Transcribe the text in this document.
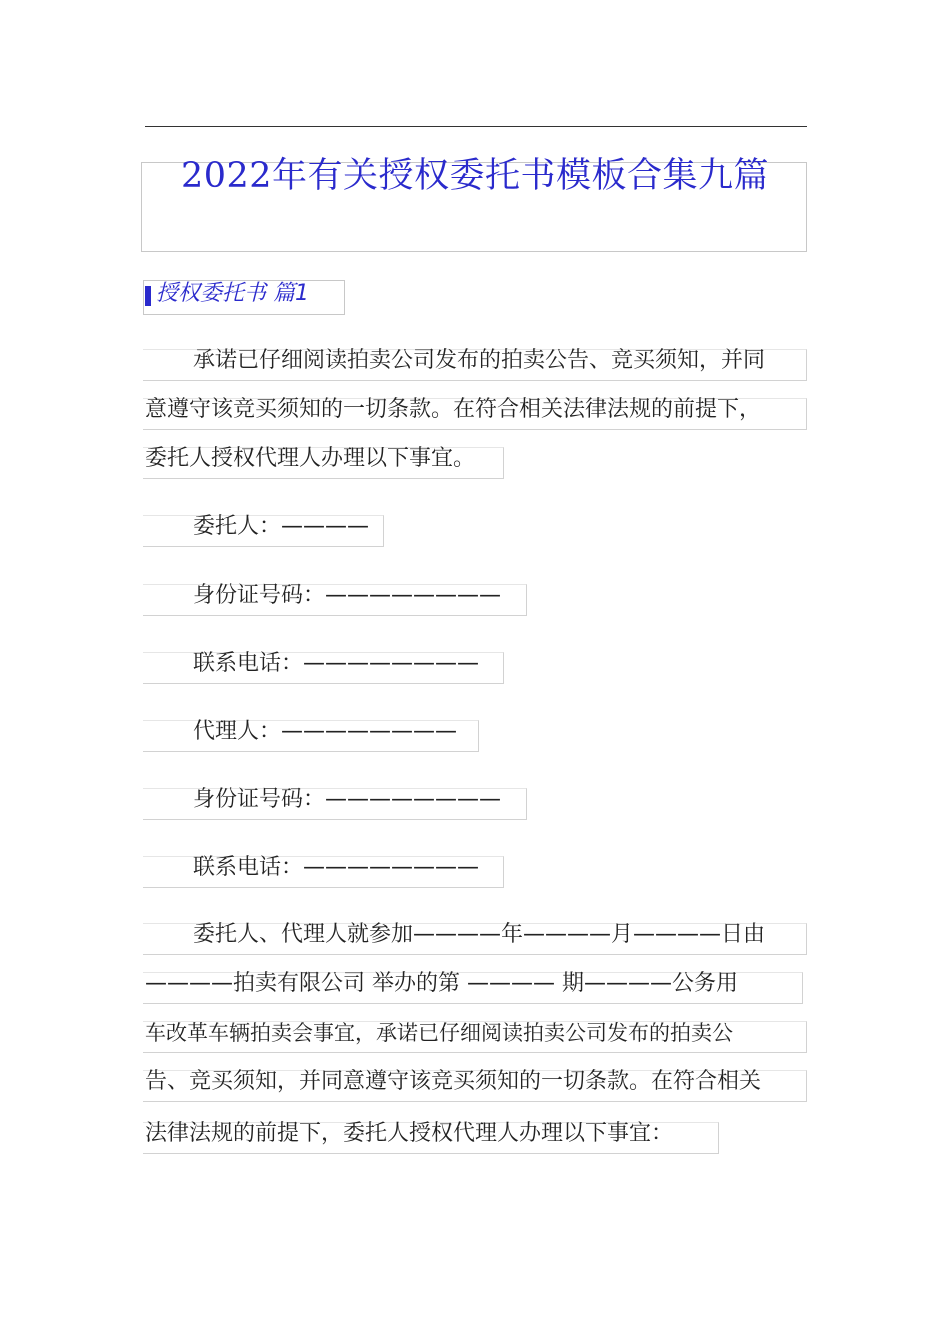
2022年有关授权委托书模板合集九篇
授权委托书 篇1
承诺已仔细阅读拍卖公司发布的拍卖公告、竞买须知，并同
意遵守该竞买须知的一切条款。在符合相关法律法规的前提下，
委托人授权代理人办理以下事宜。
委托人：————
身份证号码：————————
联系电话：————————
代理人：————————
身份证号码：————————
联系电话：————————
委托人、代理人就参加————年————月————日由
————拍卖有限公司 举办的第 ———— 期————公务用
车改革车辆拍卖会事宜，承诺已仔细阅读拍卖公司发布的拍卖公
告、竞买须知，并同意遵守该竞买须知的一切条款。在符合相关
法律法规的前提下，委托人授权代理人办理以下事宜：
